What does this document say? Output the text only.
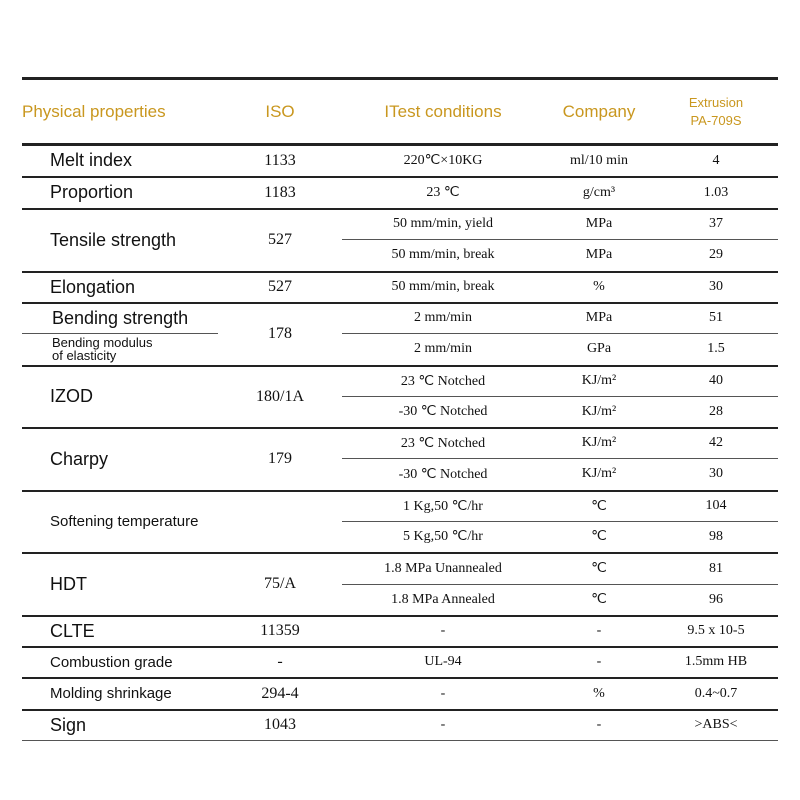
Physical properties	ISO	ITest conditions	Company	Extrusion
PA-709S

Melt index	1133	220℃×10KG	ml/10 min	4
Proportion	1183	23 ℃	g/cm³	1.03
Tensile strength	527	50 mm/min, yield	MPa	37
		50 mm/min, break	MPa	29
Elongation	527	50 mm/min, break	%	30
Bending strength	178	2 mm/min	MPa	51

Bending modulus
of elasticity		2 mm/min	GPa	1.5
IZOD	180/1A	23 ℃ Notched	KJ/m²	40
		-30 ℃ Notched	KJ/m²	28
Charpy	179	23 ℃ Notched	KJ/m²	42
		-30 ℃ Notched	KJ/m²	30
Softening temperature		1 Kg,50 ℃/hr	℃	104
		5 Kg,50 ℃/hr	℃	98
HDT	75/A	1.8 MPa Unannealed	℃	81
		1.8 MPa Annealed	℃	96
CLTE	11359	-	-	9.5 x 10-5
Combustion grade	-	UL-94	-	1.5mm HB
Molding shrinkage	294-4	-	%	0.4~0.7
Sign	1043	-	-	>ABS<
